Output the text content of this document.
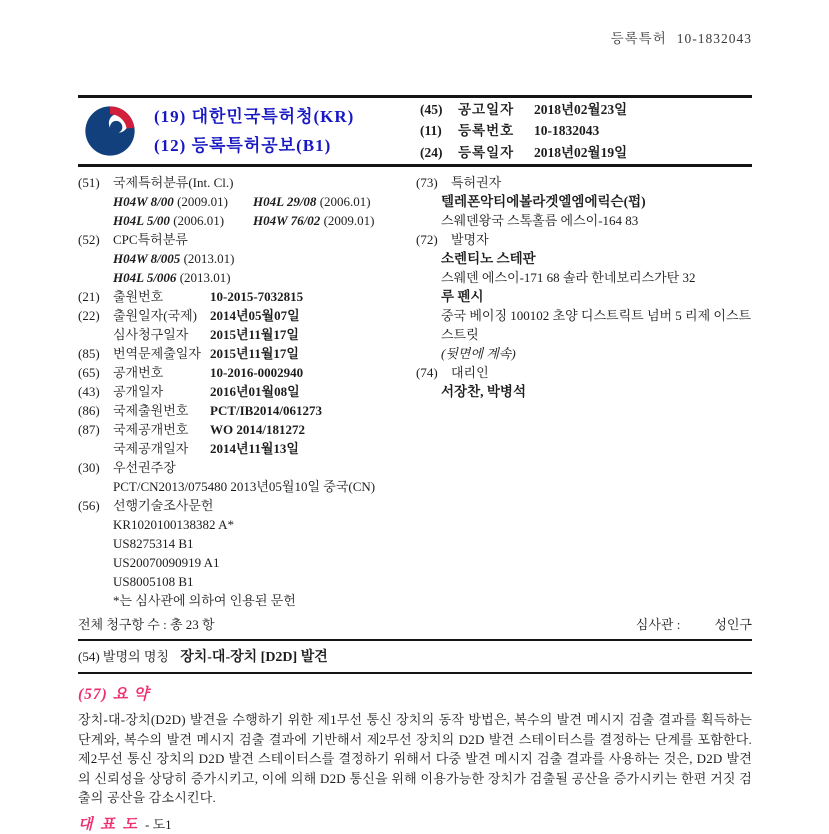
등록특허 10-1832043
(19) 대한민국특허청(KR)
(12) 등록특허공보(B1)
(45)	공고일자	2018년02월23일
(11)	등록번호	10-1832043
(24)	등록일자	2018년02월19일
(51)	국제특허분류(Int. Cl.)
H04W 8/00 (2009.01)	H04L 29/08 (2006.01)
H04L 5/00 (2006.01)	H04W 76/02 (2009.01)
(52)	CPC특허분류
H04W 8/005 (2013.01)
H04L 5/006 (2013.01)
(21)	출원번호	10-2015-7032815
(22)	출원일자(국제) 2014년05월07일
심사청구일자	2015년11월17일
(85)	번역문제출일자 2015년11월17일
(65)	공개번호	10-2016-0002940
(43)	공개일자	2016년01월08일
(86)	국제출원번호	PCT/IB2014/061273
(87)	국제공개번호	WO 2014/181272
국제공개일자	2014년11월13일
(30)	우선권주장
PCT/CN2013/075480 2013년05월10일 중국(CN)
(56)	선행기술조사문헌
KR1020100138382 A*
US8275314 B1
US20070090919 A1
US8005108 B1
*는 심사관에 의하여 인용된 문헌
(73)	특허권자
텔레폰악티에볼라겟엘엠에릭슨(펍)
스웨덴왕국 스톡홀름 에스이-164 83
(72)	발명자
소렌티노 스테판
스웨덴 에스이-171 68 솔라 한네보리스가탄 32
루 펜시
중국 베이징 100102 초양 디스트릭트 넘버 5 리제 이스트 스트릿
(뒷면에 계속)
(74)	대리인
서장찬, 박병석
전체 청구항 수 : 총 23 항	심사관 :	성인구
(54) 발명의 명칭 장치-대-장치 [D2D] 발견
(57) 요 약
장치-대-장치(D2D) 발견을 수행하기 위한 제1무선 통신 장치의 동작 방법은, 복수의 발견 메시지 검출 결과를 획득하는 단계와, 복수의 발견 메시지 검출 결과에 기반해서 제2무선 장치의 D2D 발견 스테이터스를 결정하는 단계를 포함한다. 제2무선 통신 장치의 D2D 발견 스테이터스를 결정하기 위해서 다중 발견 메시지 검출 결과를 사용하는 것은, D2D 발견의 신뢰성을 상당히 증가시키고, 이에 의해 D2D 통신을 위해 이용가능한 장치가 검출될 공산을 증가시키는 한편 거짓 검출의 공산을 감소시킨다.
대 표 도 - 도1
